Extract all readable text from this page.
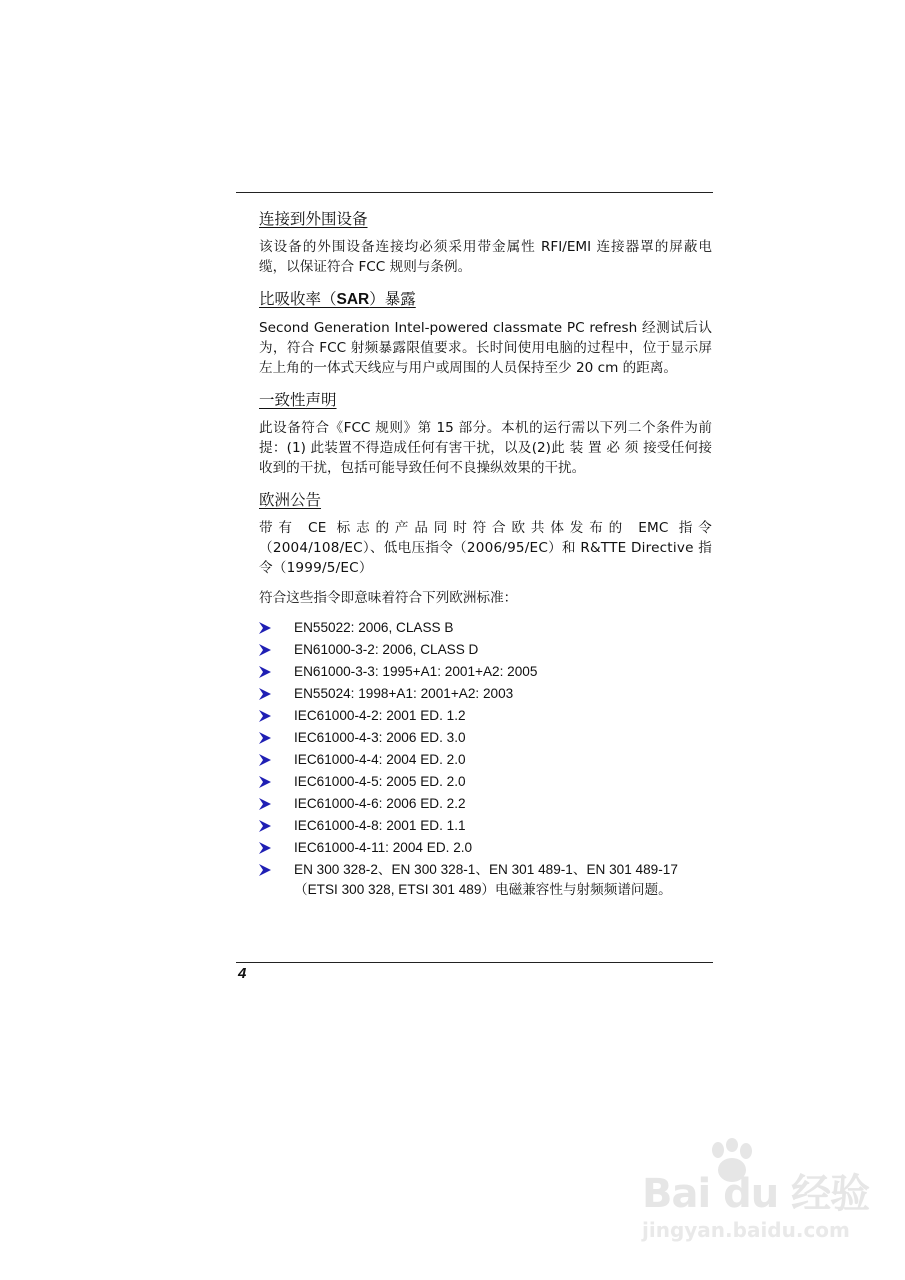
连接到外围设备

该设备的外围设备连接均必须采用带金属性 RFI/EMI 连接器罩的屏蔽电缆，以保证符合 FCC 规则与条例。

比吸收率（SAR）暴露

Second Generation Intel-powered classmate PC refresh 经测试后认为，符合 FCC 射频暴露限值要求。长时间使用电脑的过程中，位于显示屏左上角的一体式天线应与用户或周围的人员保持至少 20 cm 的距离。

一致性声明

此设备符合《FCC 规则》第 15 部分。本机的运行需以下列二个条件为前提：(1) 此装置不得造成任何有害干扰，以及(2)此 装 置 必 须 接受任何接收到的干扰，包括可能导致任何不良操纵效果的干扰。

欧洲公告

带有 CE 标志的产品同时符合欧共体发布的 EMC 指令（2004/108/EC）、低电压指令（2006/95/EC）和 R&TTE Directive 指令（1999/5/EC）

符合这些指令即意味着符合下列欧洲标准：

EN55022: 2006, CLASS B
EN61000-3-2: 2006, CLASS D
EN61000-3-3: 1995+A1: 2001+A2: 2005
EN55024: 1998+A1: 2001+A2: 2003
IEC61000-4-2: 2001 ED. 1.2
IEC61000-4-3: 2006 ED. 3.0
IEC61000-4-4: 2004 ED. 2.0
IEC61000-4-5: 2005 ED. 2.0
IEC61000-4-6: 2006 ED. 2.2
IEC61000-4-8: 2001 ED. 1.1
IEC61000-4-11: 2004 ED. 2.0
EN 300 328-2、EN 300 328-1、EN 301 489-1、EN 301 489-17 （ETSI 300 328, ETSI 301 489）电磁兼容性与射频频谱问题。
4
Bai du 经验
jingyan.baidu.com
